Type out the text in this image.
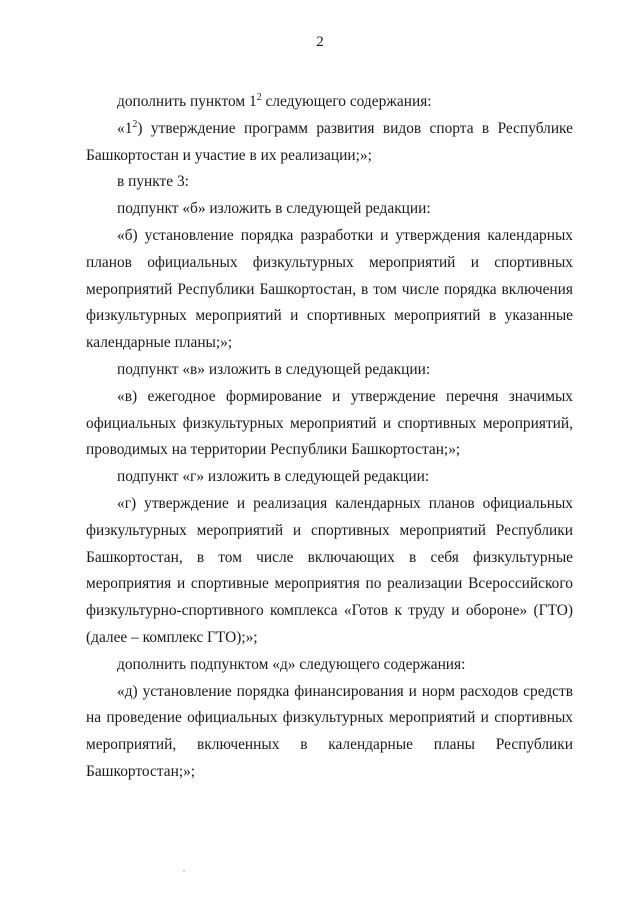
2

дополнить пунктом $1^2$ следующего содержания:

«$1^2$) утверждение программ развития видов спорта в Республике Башкортостан и участие в их реализации;»;

в пункте 3:

подпункт «б» изложить в следующей редакции:

«б) установление порядка разработки и утверждения календарных планов официальных физкультурных мероприятий и спортивных мероприятий Республики Башкортостан, в том числе порядка включения физкультурных мероприятий и спортивных мероприятий в указанные календарные планы;»;

подпункт «в» изложить в следующей редакции:

«в) ежегодное формирование и утверждение перечня значимых официальных физкультурных мероприятий и спортивных мероприятий, проводимых на территории Республики Башкортостан;»;

подпункт «г» изложить в следующей редакции:

«г) утверждение и реализация календарных планов официальных физкультурных мероприятий и спортивных мероприятий Республики Башкортостан, в том числе включающих в себя физкультурные мероприятия и спортивные мероприятия по реализации Всероссийского физкультурно-спортивного комплекса «Готов к труду и обороне» (ГТО) (далее – комплекс ГТО);»;

дополнить подпунктом «д» следующего содержания:

«д) установление порядка финансирования и норм расходов средств на проведение официальных физкультурных мероприятий и спортивных мероприятий, включенных в календарные планы Республики Башкортостан;»;
